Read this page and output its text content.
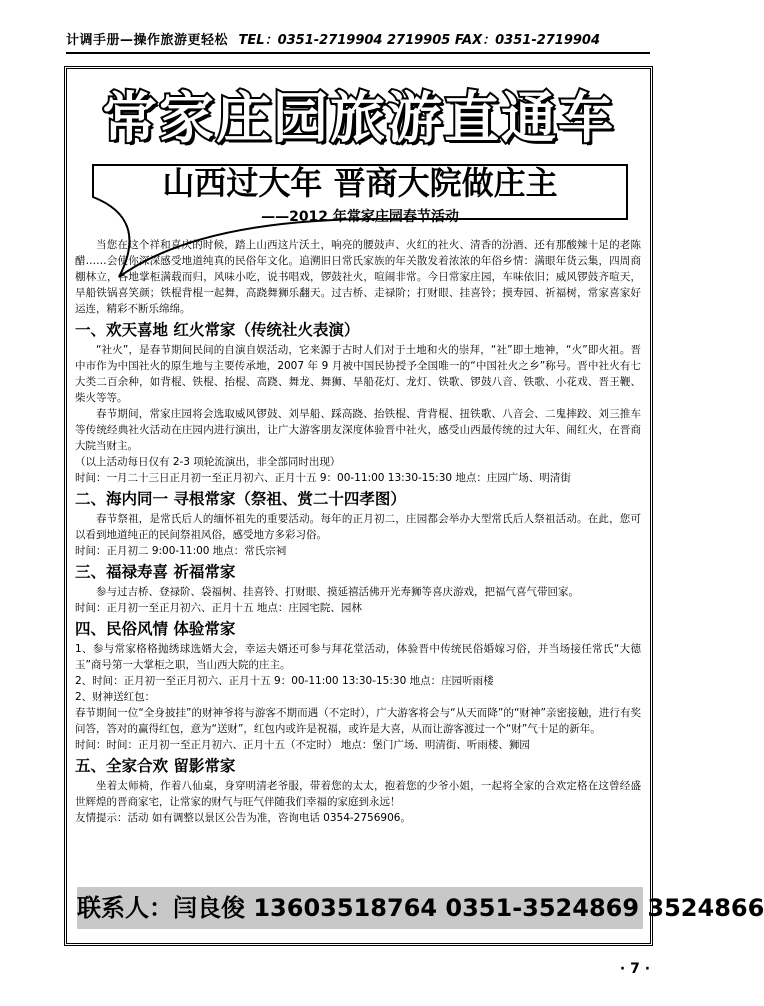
计调手册—操作旅游更轻松 TEL：0351-2719904 2719905 FAX：0351-2719904
常家庄园旅游直通车
山西过大年 晋商大院做庄主
——2012 年常家庄园春节活动

当您在这个祥和喜庆的时候，踏上山西这片沃土，响亮的腰鼓声、火红的社火、清香的汾酒、还有那酸辣十足的老陈醋……会使你深深感受地道纯真的民俗年文化。追溯旧日常氏家族的年关散发着浓浓的年俗乡情：满眼年货云集，四周商棚林立，各地掌柜满载而归，风味小吃，说书唱戏，锣鼓社火，喧闹非常。今日常家庄园，车味依旧；威风锣鼓齐喧天，旱船铁锅喜笑颜；铁棍背棍一起舞，高跷舞狮乐翻天。过吉桥、走禄阶；打财眼、挂喜铃；摸寿园、祈福树，常家喜家好运连，精彩不断乐绵绵。

一、欢天喜地 红火常家（传统社火表演）

“社火”，是春节期间民间的自演自娱活动，它来源于古时人们对于土地和火的崇拜，“社”即土地神，“火”即火祖。晋中市作为中国社火的原生地与主要传承地，2007 年 9 月被中国民协授予全国唯一的“中国社火之乡”称号。晋中社火有七大类二百余种，如背棍、铁棍、抬棍、高跷、舞龙、舞狮、旱船花灯、龙灯、铁歌、锣鼓八音、铁歌、小花戏、晋王鞭、柴火等等。

春节期间，常家庄园将会选取威风锣鼓、刘旱船、踩高跷、抬铁棍、背背棍、扭铁歌、八音会、二鬼摔跤、刘三推车等传统经典社火活动在庄园内进行演出，让广大游客朋友深度体验晋中社火，感受山西最传统的过大年、闹红火，在晋商大院当财主。

（以上活动每日仅有 2-3 项轮流演出，非全部同时出现）

时间：一月二十三日正月初一至正月初六、正月十五 9：00-11:00 13:30-15:30 地点：庄园广场、明清街

二、海内同一 寻根常家（祭祖、赏二十四孝图）

春节祭祖，是常氏后人的缅怀祖先的重要活动。每年的正月初二，庄园都会举办大型常氏后人祭祖活动。在此，您可以看到地道纯正的民间祭祖风俗，感受地方多彩习俗。

时间：正月初二 9:00-11:00 地点：常氏宗祠

三、福禄寿喜 祈福常家

参与过吉桥、登禄阶、袋福树、挂喜铃、打财眼、摸延禧活佛开光寿狮等喜庆游戏，把福气喜气带回家。

时间：正月初一至正月初六、正月十五 地点：庄园宅院、园林

四、民俗风情 体验常家

1、参与常家格格抛绣球选婿大会，幸运夫婿还可参与拜花堂活动，体验晋中传统民俗婚嫁习俗，并当场接任常氏“大德玉”商号第一大掌柜之职，当山西大院的庄主。

2、时间：正月初一至正月初六、正月十五 9：00-11:00 13:30-15:30 地点：庄园听雨楼

2、财神送红包：

春节期间一位“全身披挂”的财神爷将与游客不期而遇（不定时），广大游客将会与“从天而降”的“财神”亲密接触，进行有奖问答，答对的赢得红包，意为“送财”，红包内或许是祝福，或许是大喜，从而让游客渡过一个“财”气十足的新年。

时间：时间：正月初一至正月初六、正月十五（不定时） 地点：堡门广场、明清街、听雨楼、狮园

五、全家合欢 留影常家

坐着太师椅，作着八仙桌，身穿明清老爷服，带着您的太太，抱着您的少爷小姐，一起将全家的合欢定格在这曾经盛世辉煌的晋商家宅，让常家的财气与旺气伴随我们幸福的家庭到永远！

友情提示：活动 如有调整以景区公告为准，咨询电话 0354-2756906。

联系人：闫良俊 13603518764 0351-3524869 3524866
· 7 ·
